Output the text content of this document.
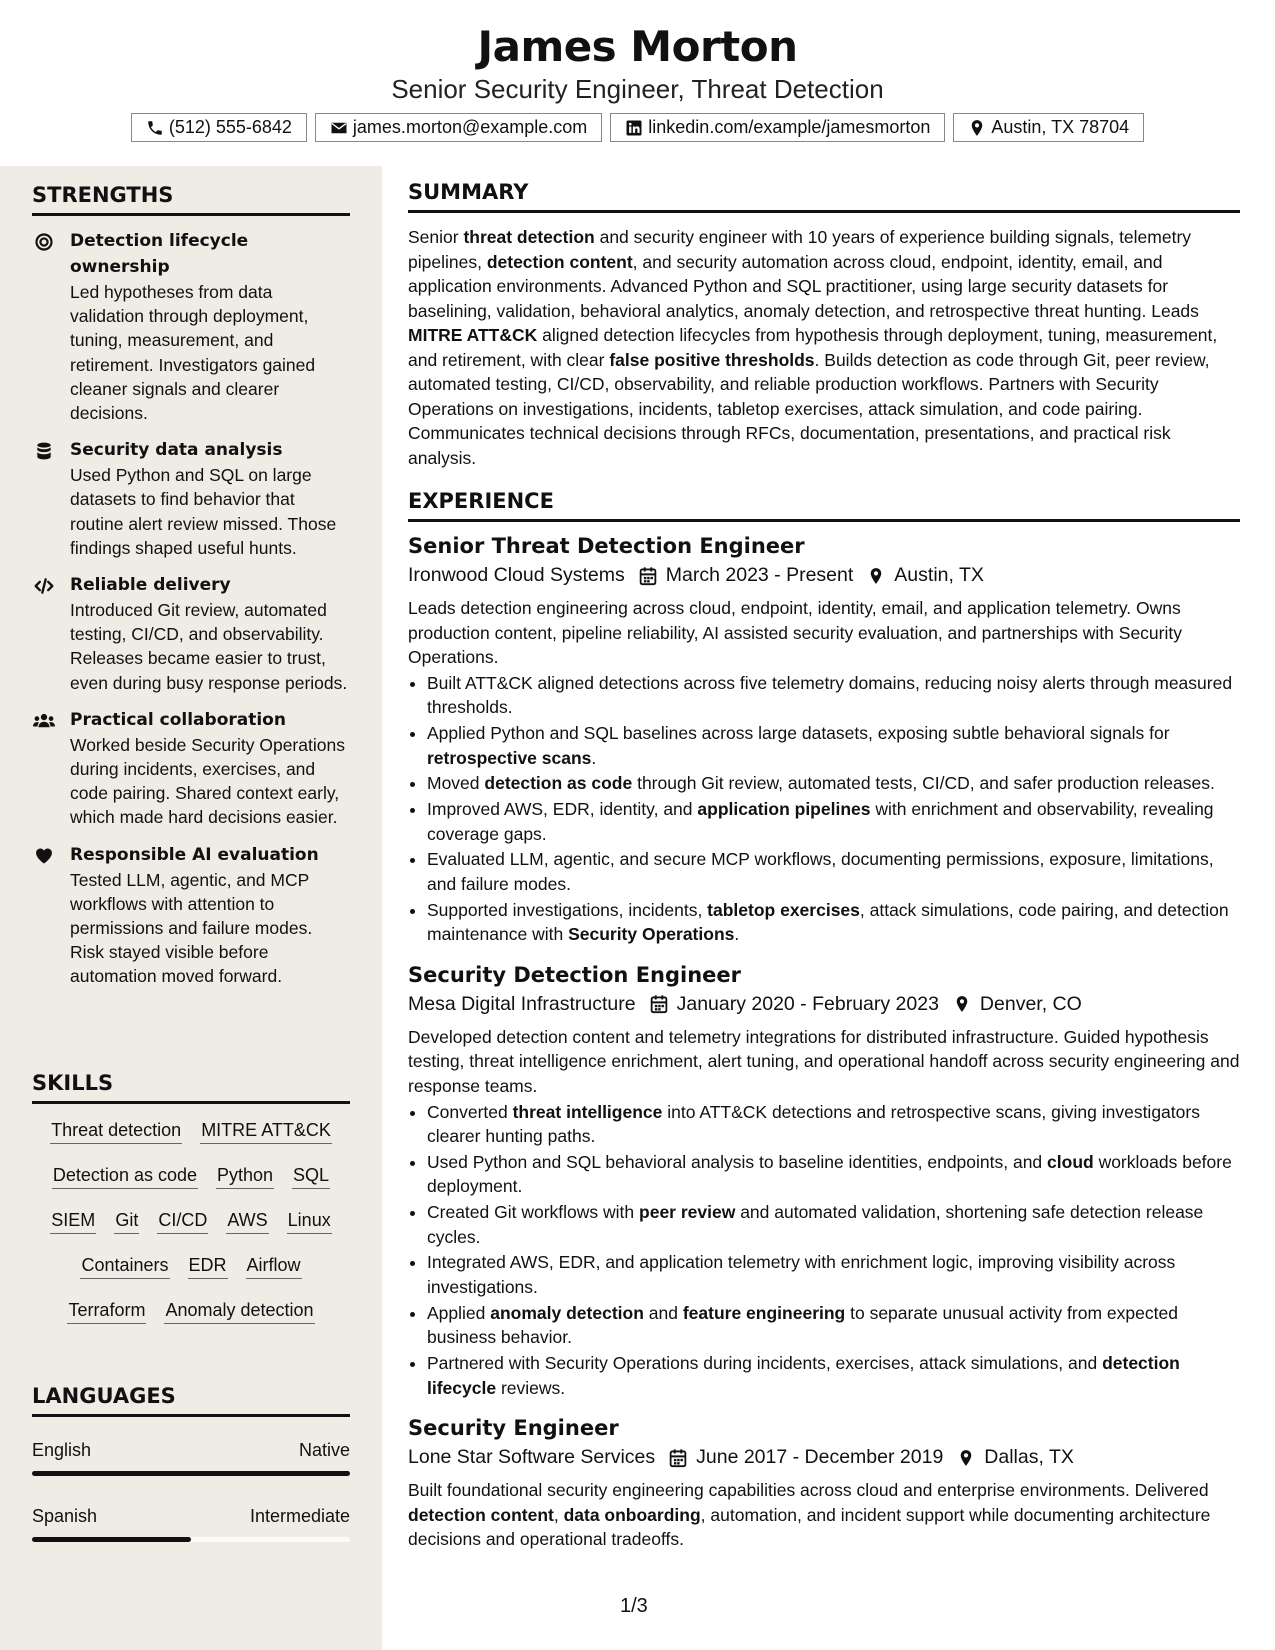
James Morton
Senior Security Engineer, Threat Detection
(512) 555-6842	james.morton@example.com	linkedin.com/example/jamesmorton	Austin, TX 78704
STRENGTHS
Detection lifecycle ownership
Led hypotheses from data validation through deployment, tuning, measurement, and retirement. Investigators gained cleaner signals and clearer decisions.
Security data analysis
Used Python and SQL on large datasets to find behavior that routine alert review missed. Those findings shaped useful hunts.
Reliable delivery
Introduced Git review, automated testing, CI/CD, and observability. Releases became easier to trust, even during busy response periods.
Practical collaboration
Worked beside Security Operations during incidents, exercises, and code pairing. Shared context early, which made hard decisions easier.
Responsible AI evaluation
Tested LLM, agentic, and MCP workflows with attention to permissions and failure modes. Risk stayed visible before automation moved forward.
SKILLS
Threat detection MITRE ATT&CK
Detection as code Python SQL
SIEM Git CI/CD AWS Linux
Containers EDR Airflow
Terraform Anomaly detection
LANGUAGES
English	Native
Spanish	Intermediate
SUMMARY
Senior threat detection and security engineer with 10 years of experience building signals, telemetry pipelines, detection content, and security automation across cloud, endpoint, identity, email, and application environments. Advanced Python and SQL practitioner, using large security datasets for baselining, validation, behavioral analytics, anomaly detection, and retrospective threat hunting. Leads MITRE ATT&CK aligned detection lifecycles from hypothesis through deployment, tuning, measurement, and retirement, with clear false positive thresholds. Builds detection as code through Git, peer review, automated testing, CI/CD, observability, and reliable production workflows. Partners with Security Operations on investigations, incidents, tabletop exercises, attack simulation, and code pairing. Communicates technical decisions through RFCs, documentation, presentations, and practical risk analysis.
EXPERIENCE
Senior Threat Detection Engineer
Ironwood Cloud Systems March 2023 - Present Austin, TX
Leads detection engineering across cloud, endpoint, identity, email, and application telemetry. Owns production content, pipeline reliability, AI assisted security evaluation, and partnerships with Security Operations.
• Built ATT&CK aligned detections across five telemetry domains, reducing noisy alerts through measured thresholds.
• Applied Python and SQL baselines across large datasets, exposing subtle behavioral signals for retrospective scans.
• Moved detection as code through Git review, automated tests, CI/CD, and safer production releases.
• Improved AWS, EDR, identity, and application pipelines with enrichment and observability, revealing coverage gaps.
• Evaluated LLM, agentic, and secure MCP workflows, documenting permissions, exposure, limitations, and failure modes.
• Supported investigations, incidents, tabletop exercises, attack simulations, code pairing, and detection maintenance with Security Operations.
Security Detection Engineer
Mesa Digital Infrastructure January 2020 - February 2023 Denver, CO
Developed detection content and telemetry integrations for distributed infrastructure. Guided hypothesis testing, threat intelligence enrichment, alert tuning, and operational handoff across security engineering and response teams.
• Converted threat intelligence into ATT&CK detections and retrospective scans, giving investigators clearer hunting paths.
• Used Python and SQL behavioral analysis to baseline identities, endpoints, and cloud workloads before deployment.
• Created Git workflows with peer review and automated validation, shortening safe detection release cycles.
• Integrated AWS, EDR, and application telemetry with enrichment logic, improving visibility across investigations.
• Applied anomaly detection and feature engineering to separate unusual activity from expected business behavior.
• Partnered with Security Operations during incidents, exercises, attack simulations, and detection lifecycle reviews.
Security Engineer
Lone Star Software Services June 2017 - December 2019 Dallas, TX
Built foundational security engineering capabilities across cloud and enterprise environments. Delivered detection content, data onboarding, automation, and incident support while documenting architecture decisions and operational tradeoffs.
1/3
